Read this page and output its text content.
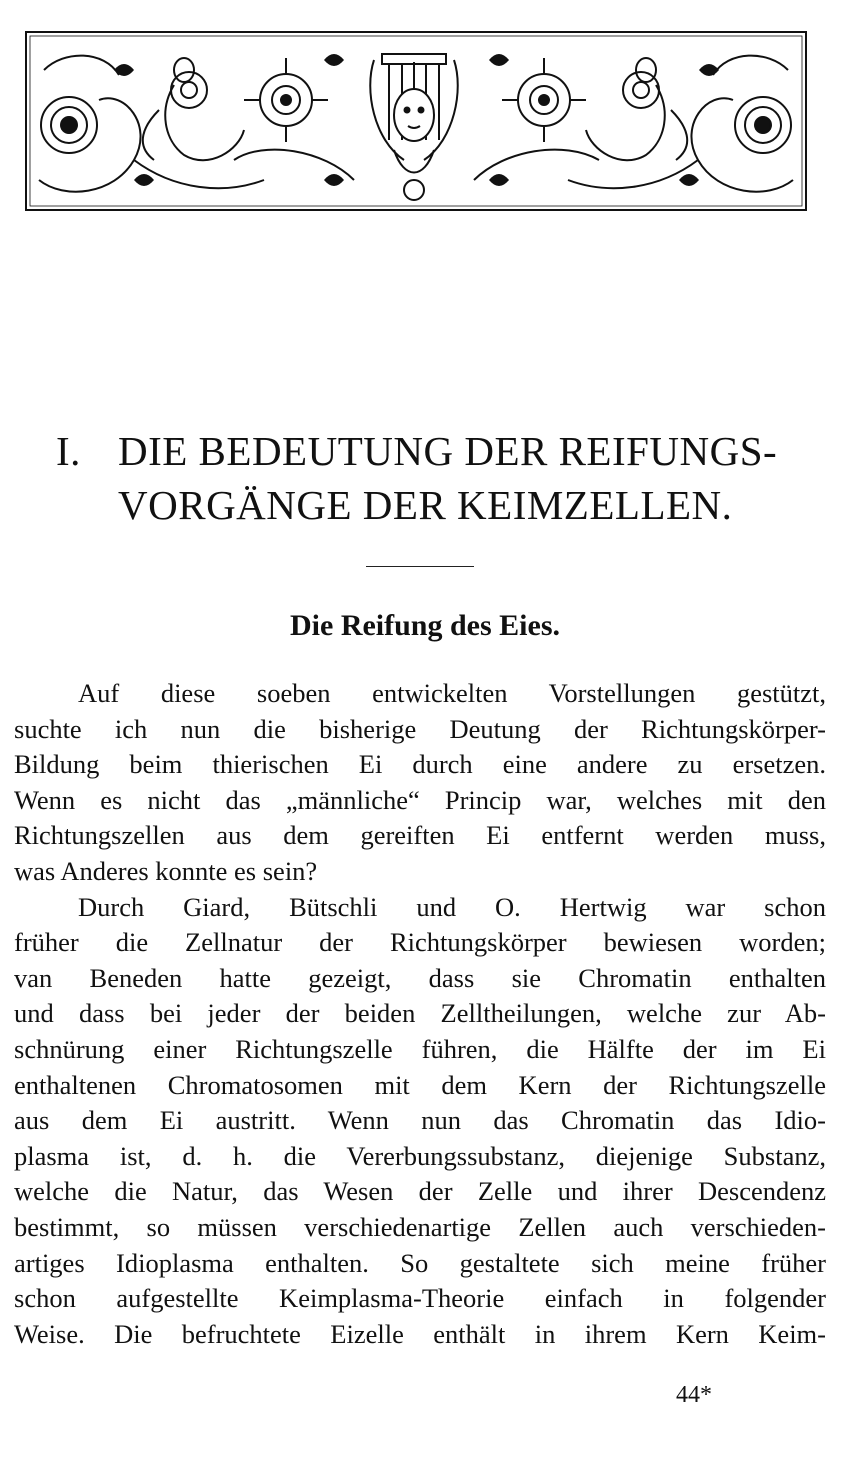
I. DIE BEDEUTUNG DER REIFUNGS-
VORGÄNGE DER KEIMZELLEN.
Die Reifung des Eies.
Auf diese soeben entwickelten Vorstellungen gestützt,
suchte ich nun die bisherige Deutung der Richtungskörper-
Bildung beim thierischen Ei durch eine andere zu ersetzen.
Wenn es nicht das „männliche“ Princip war, welches mit den
Richtungszellen aus dem gereiften Ei entfernt werden muss,
was Anderes konnte es sein?
Durch Giard, Bütschli und O. Hertwig war schon
früher die Zellnatur der Richtungskörper bewiesen worden;
van Beneden hatte gezeigt, dass sie Chromatin enthalten
und dass bei jeder der beiden Zelltheilungen, welche zur Ab-
schnürung einer Richtungszelle führen, die Hälfte der im Ei
enthaltenen Chromatosomen mit dem Kern der Richtungszelle
aus dem Ei austritt. Wenn nun das Chromatin das Idio-
plasma ist, d. h. die Vererbungssubstanz, diejenige Substanz,
welche die Natur, das Wesen der Zelle und ihrer Descendenz
bestimmt, so müssen verschiedenartige Zellen auch verschieden-
artiges Idioplasma enthalten. So gestaltete sich meine früher
schon aufgestellte Keimplasma-Theorie einfach in folgender
Weise. Die befruchtete Eizelle enthält in ihrem Kern Keim-
44*
